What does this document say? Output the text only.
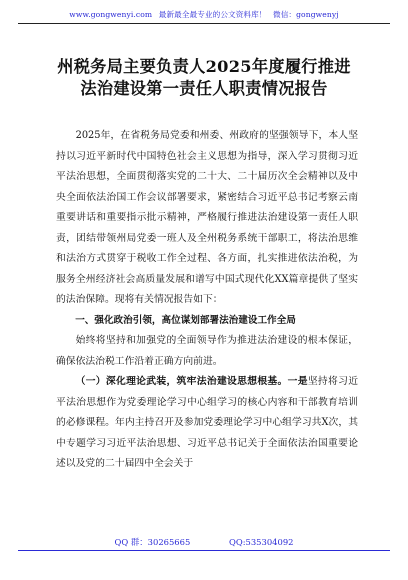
www.gongwenyi.com 最新最全最专业的公文资料库！ 微信：gongwenyj
州税务局主要负责人2025年度履行推进
法治建设第一责任人职责情况报告

2025年，在省税务局党委和州委、州政府的坚强领导下，本人坚持以习近平新时代中国特色社会主义思想为指导，深入学习贯彻习近平法治思想，全面贯彻落实党的二十大、二十届历次全会精神以及中央全面依法治国工作会议部署要求，紧密结合习近平总书记考察云南重要讲话和重要指示批示精神，严格履行推进法治建设第一责任人职责，团结带领州局党委一班人及全州税务系统干部职工，将法治思维和法治方式贯穿于税收工作全过程、各方面，扎实推进依法治税，为服务全州经济社会高质量发展和谱写中国式现代化XX篇章提供了坚实的法治保障。现将有关情况报告如下：

一、强化政治引领，高位谋划部署法治建设工作全局

始终将坚持和加强党的全面领导作为推进法治建设的根本保证，确保依法治税工作沿着正确方向前进。

（一）深化理论武装，筑牢法治建设思想根基。一是坚持将习近平法治思想作为党委理论学习中心组学习的核心内容和干部教育培训的必修课程。年内主持召开及参加党委理论学习中心组学习共X次，其中专题学习习近平法治思想、习近平总书记关于全面依法治国重要论述以及党的二十届四中全会关于

QQ 群：30265665	QQ:535304092
